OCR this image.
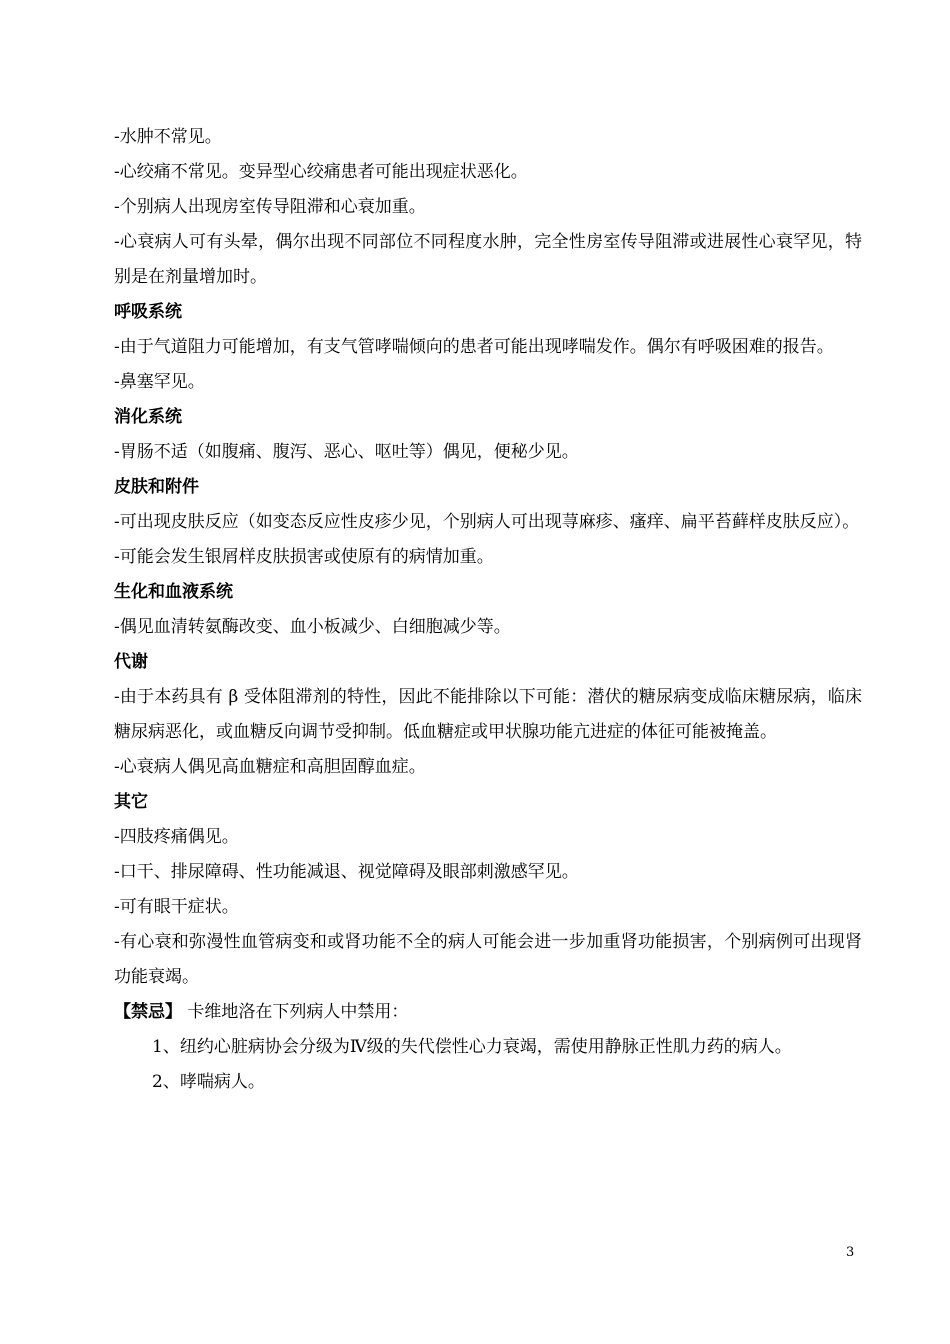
-水肿不常见。
-心绞痛不常见。变异型心绞痛患者可能出现症状恶化。
-个别病人出现房室传导阻滞和心衰加重。
-心衰病人可有头晕，偶尔出现不同部位不同程度水肿，完全性房室传导阻滞或进展性心衰罕见，特别是在剂量增加时。
呼吸系统
-由于气道阻力可能增加，有支气管哮喘倾向的患者可能出现哮喘发作。偶尔有呼吸困难的报告。
-鼻塞罕见。
消化系统
-胃肠不适（如腹痛、腹泻、恶心、呕吐等）偶见，便秘少见。
皮肤和附件
-可出现皮肤反应（如变态反应性皮疹少见，个别病人可出现荨麻疹、瘙痒、扁平苔藓样皮肤反应）。
-可能会发生银屑样皮肤损害或使原有的病情加重。
生化和血液系统
-偶见血清转氨酶改变、血小板减少、白细胞减少等。
代谢
-由于本药具有 β 受体阻滞剂的特性，因此不能排除以下可能：潜伏的糖尿病变成临床糖尿病，临床糖尿病恶化，或血糖反向调节受抑制。低血糖症或甲状腺功能亢进症的体征可能被掩盖。
-心衰病人偶见高血糖症和高胆固醇血症。
其它
-四肢疼痛偶见。
-口干、排尿障碍、性功能减退、视觉障碍及眼部刺激感罕见。
-可有眼干症状。
-有心衰和弥漫性血管病变和或肾功能不全的病人可能会进一步加重肾功能损害，个别病例可出现肾功能衰竭。
【禁忌】 卡维地洛在下列病人中禁用：
1、纽约心脏病协会分级为Ⅳ级的失代偿性心力衰竭，需使用静脉正性肌力药的病人。
2、哮喘病人。
3
